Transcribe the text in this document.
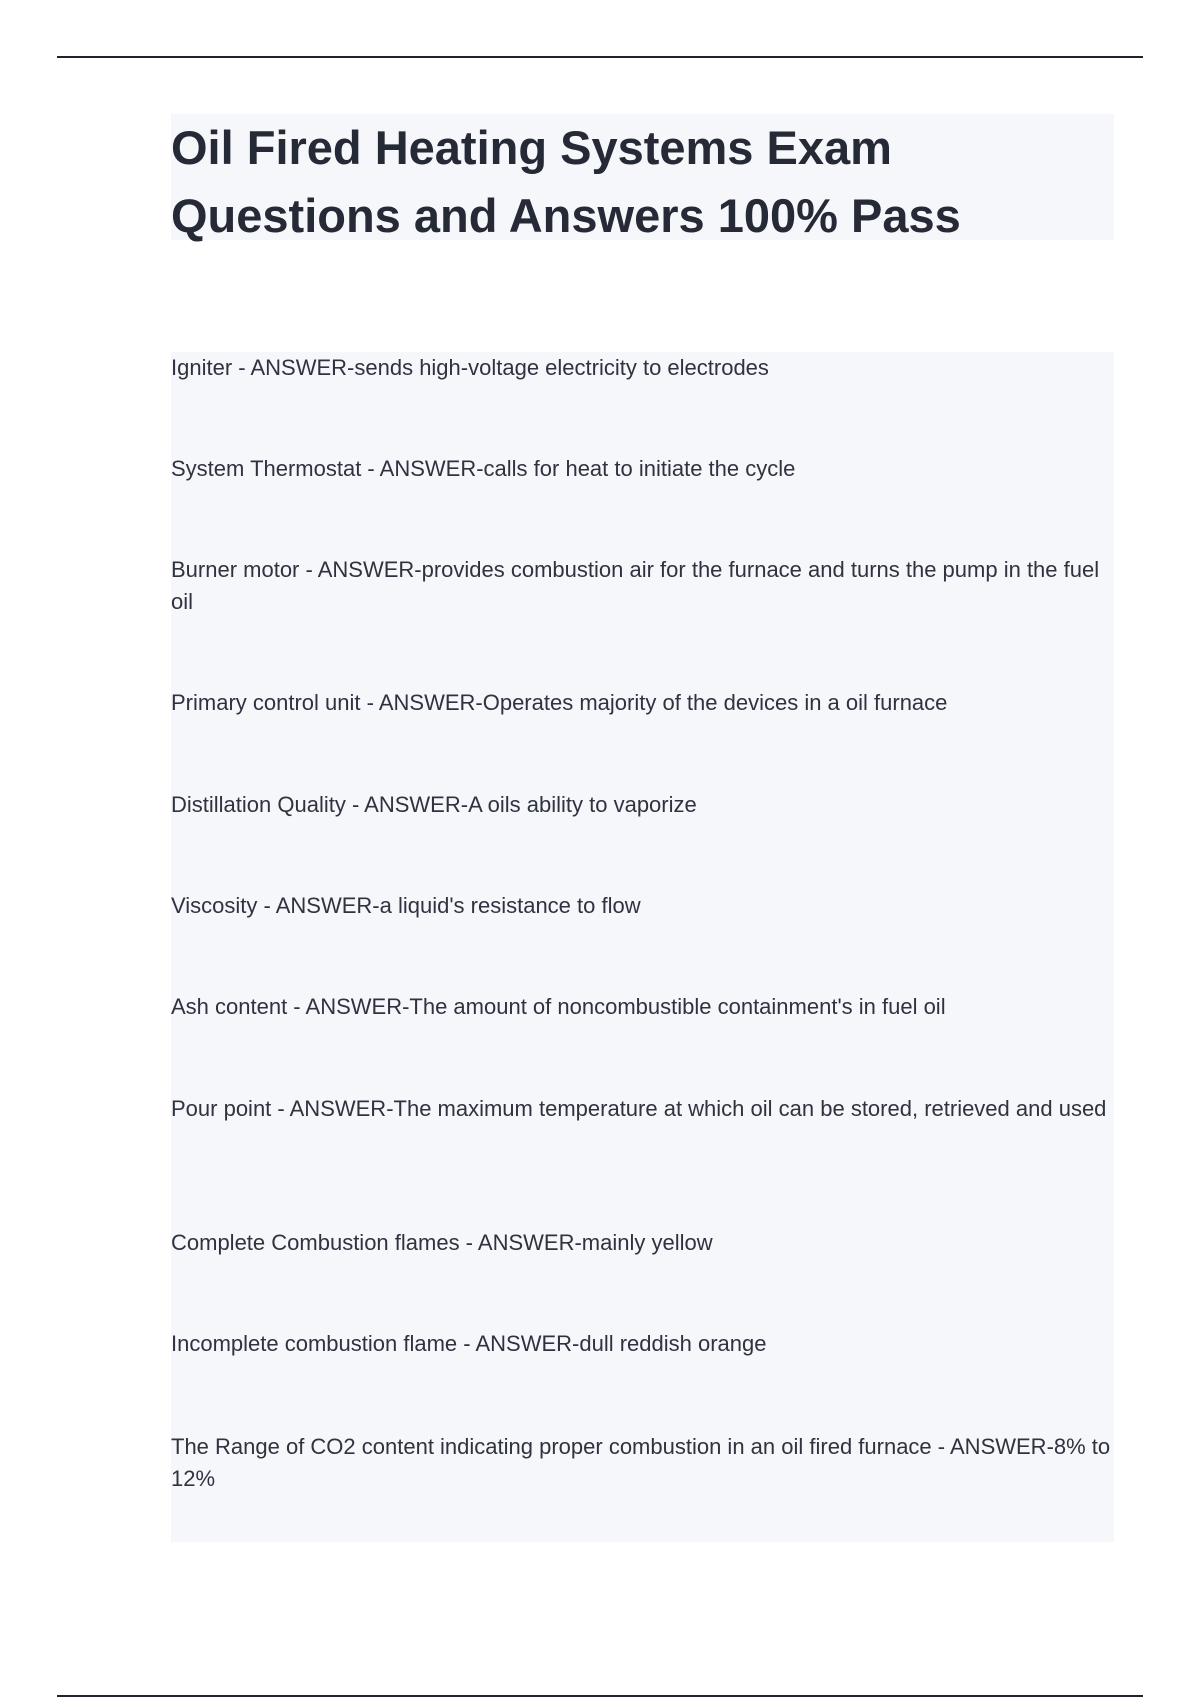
Oil Fired Heating Systems Exam Questions and Answers 100% Pass

Igniter - ANSWER-sends high-voltage electricity to electrodes

System Thermostat - ANSWER-calls for heat to initiate the cycle

Burner motor - ANSWER-provides combustion air for the furnace and turns the pump in the fuel oil

Primary control unit - ANSWER-Operates majority of the devices in a oil furnace

Distillation Quality - ANSWER-A oils ability to vaporize

Viscosity - ANSWER-a liquid's resistance to flow

Ash content - ANSWER-The amount of noncombustible containment's in fuel oil

Pour point - ANSWER-The maximum temperature at which oil can be stored, retrieved and used

Complete Combustion flames - ANSWER-mainly yellow

Incomplete combustion flame - ANSWER-dull reddish orange

The Range of CO2 content indicating proper combustion in an oil fired furnace - ANSWER-8% to 12%
